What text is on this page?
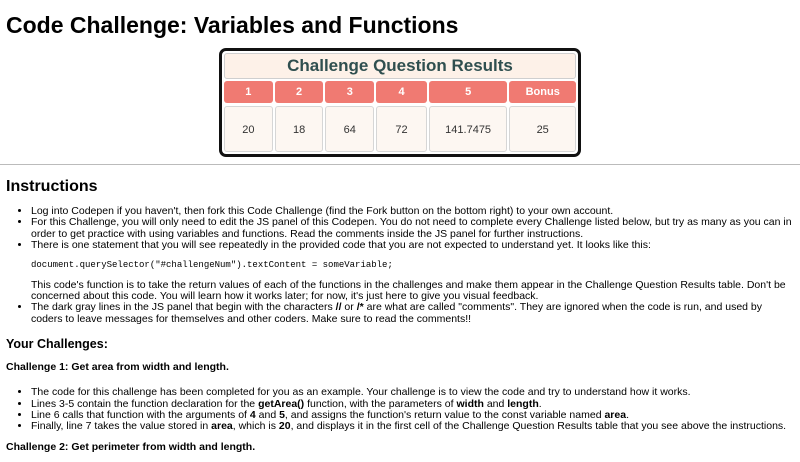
Code Challenge: Variables and Functions
Challenge Question Results
1	2	3	4	5	Bonus
20	18	64	72	141.7475	25
Instructions
• Log into Codepen if you haven't, then fork this Code Challenge (find the Fork button on the bottom right) to your own account.
• For this Challenge, you will only need to edit the JS panel of this Codepen. You do not need to complete every Challenge listed below, but try as many as you can in order to get practice with using variables and functions. Read the comments inside the JS panel for further instructions.
• There is one statement that you will see repeatedly in the provided code that you are not expected to understand yet. It looks like this:
document.querySelector("#challengeNum").textContent = someVariable;
This code's function is to take the return values of each of the functions in the challenges and make them appear in the Challenge Question Results table. Don't be concerned about this code. You will learn how it works later; for now, it's just here to give you visual feedback.
• The dark gray lines in the JS panel that begin with the characters // or /* are what are called "comments". They are ignored when the code is run, and used by coders to leave messages for themselves and other coders. Make sure to read the comments!!
Your Challenges:
Challenge 1: Get area from width and length.
• The code for this challenge has been completed for you as an example. Your challenge is to view the code and try to understand how it works.
• Lines 3-5 contain the function declaration for the getArea() function, with the parameters of width and length.
• Line 6 calls that function with the arguments of 4 and 5, and assigns the function's return value to the const variable named area.
• Finally, line 7 takes the value stored in area, which is 20, and displays it in the first cell of the Challenge Question Results table that you see above the instructions.
Challenge 2: Get perimeter from width and length.
